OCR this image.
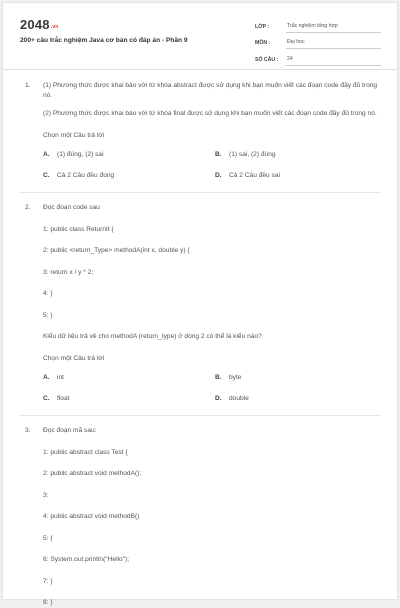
2048.vn
200+ câu trắc nghiệm Java cơ bản có đáp án - Phần 9
LỚP :	Trắc nghiệm tổng hợp
MÔN :	Đại học
SỐ CÂU :	24
1. (1) Phương thức được khai báo với từ khóa abstract được sử dụng khi bạn muốn viết các đoạn code đầy đủ trong nó.
(2) Phương thức được khai báo với từ khóa final được sử dụng khi bạn muốn viết các đoạn code đầy đủ trong nó.
Chọn một Câu trả lời
A.	(1) đúng, (2) sai	B.	(1) sai, (2) đúng
C.	Cả 2 Câu đều đúng	D.	Cả 2 Câu đều sai
2. Đọc đoạn code sau
1: public class ReturnIt {
2: public <return_Type> methodA(int x, double y) {
3: return x / y * 2;
4: }
5: }
Kiểu dữ liệu trả về cho methodA (return_type) ở dòng 2 có thể là kiểu nào?
Chọn một Câu trả lời
A.	int	B.	byte
C.	float	D.	double
3. Đọc đoạn mã sau:
1: public abstract class Test {
2: public abstract void methodA();
3:
4: public abstract void methodB()
5: {
6: System.out.println("Hello");
7: }
8: }
